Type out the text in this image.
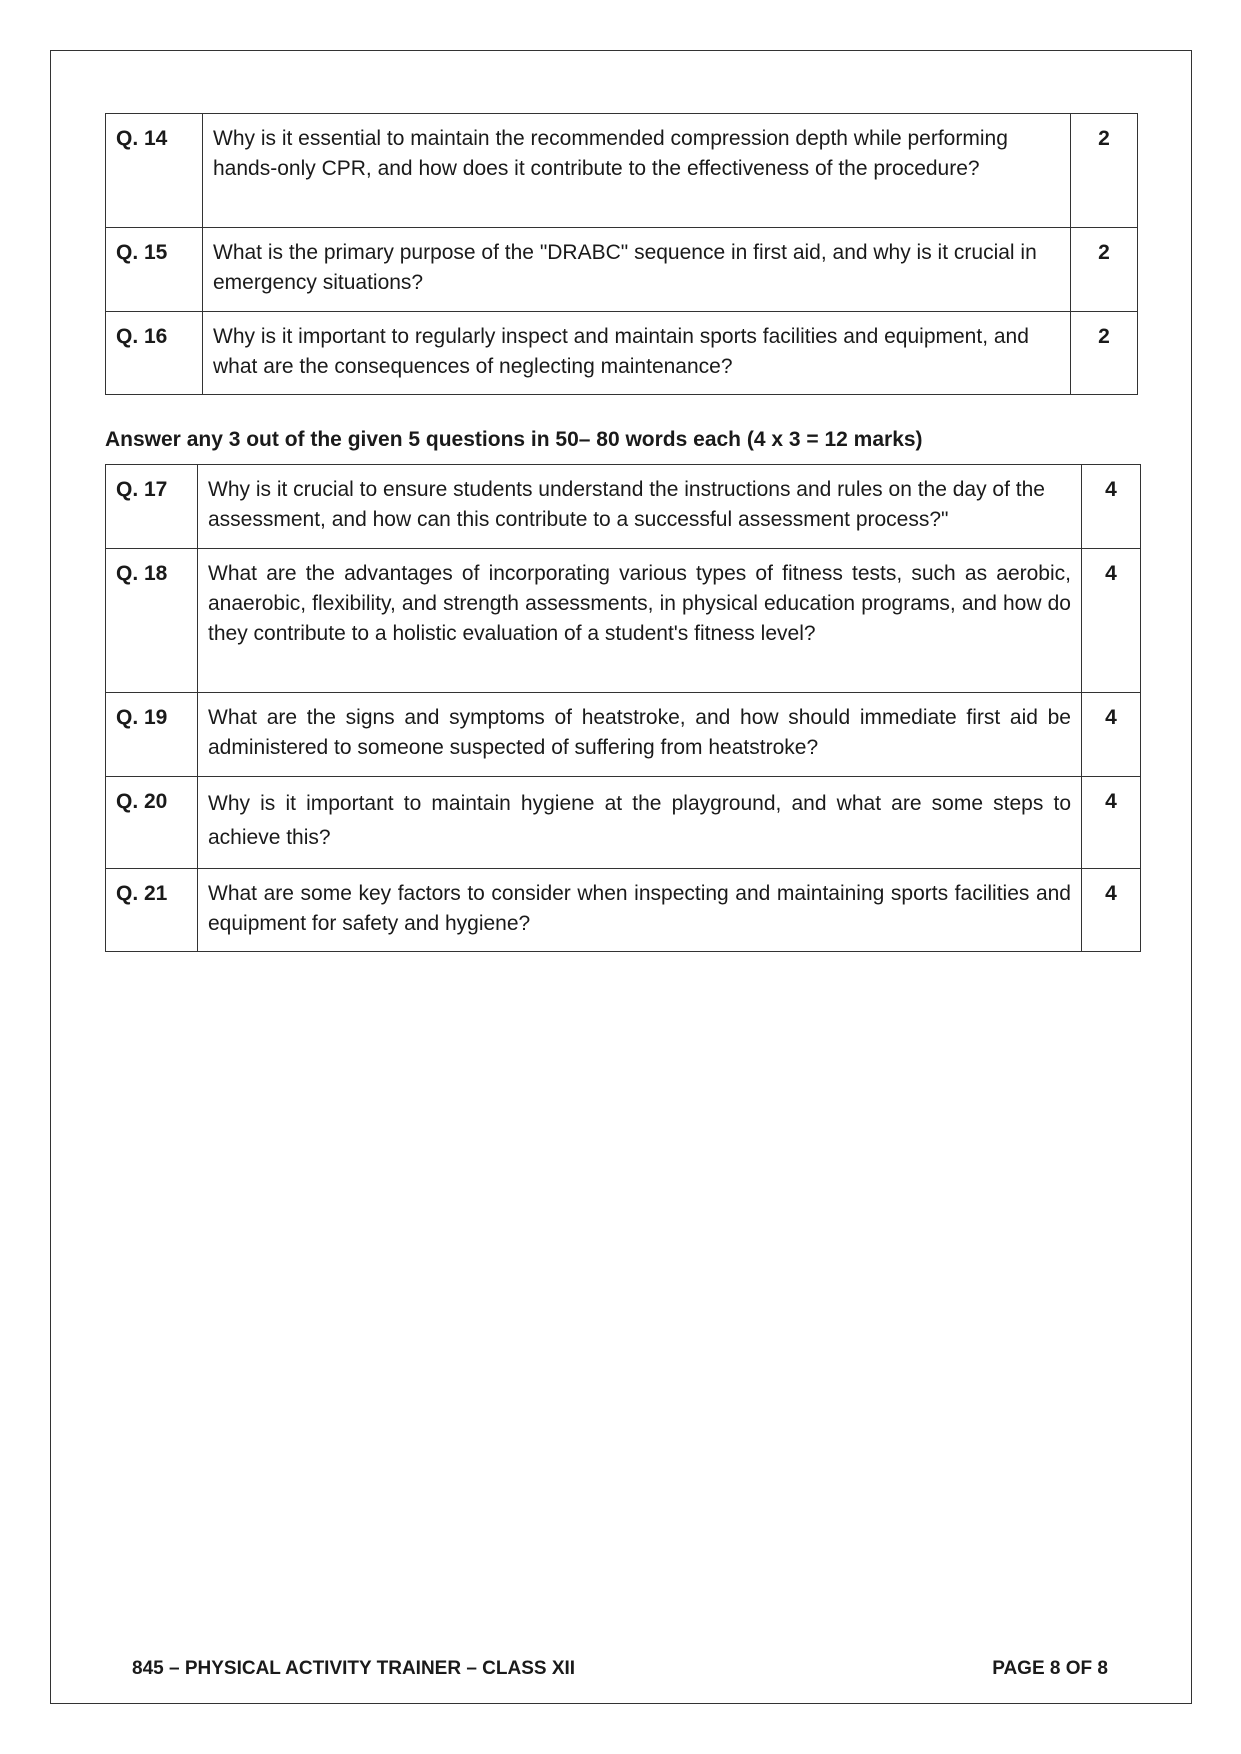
Q. 14	Why is it essential to maintain the recommended compression depth while performing hands-only CPR, and how does it contribute to the effectiveness of the procedure?	2
Q. 15	What is the primary purpose of the "DRABC" sequence in first aid, and why is it crucial in emergency situations?	2
Q. 16	Why is it important to regularly inspect and maintain sports facilities and equipment, and what are the consequences of neglecting maintenance?	2

Answer any 3 out of the given 5 questions in 50– 80 words each (4 x 3 = 12 marks)

Q. 17	Why is it crucial to ensure students understand the instructions and rules on the day of the assessment, and how can this contribute to a successful assessment process?"	4
Q. 18	What are the advantages of incorporating various types of fitness tests, such as aerobic, anaerobic, flexibility, and strength assessments, in physical education programs, and how do they contribute to a holistic evaluation of a student's fitness level?	4
Q. 19	What are the signs and symptoms of heatstroke, and how should immediate first aid be administered to someone suspected of suffering from heatstroke?	4
Q. 20	Why is it important to maintain hygiene at the playground, and what are some steps to achieve this?	4
Q. 21	What are some key factors to consider when inspecting and maintaining sports facilities and equipment for safety and hygiene?	4
845 – PHYSICAL ACTIVITY TRAINER – CLASS XII	PAGE 8 OF 8
